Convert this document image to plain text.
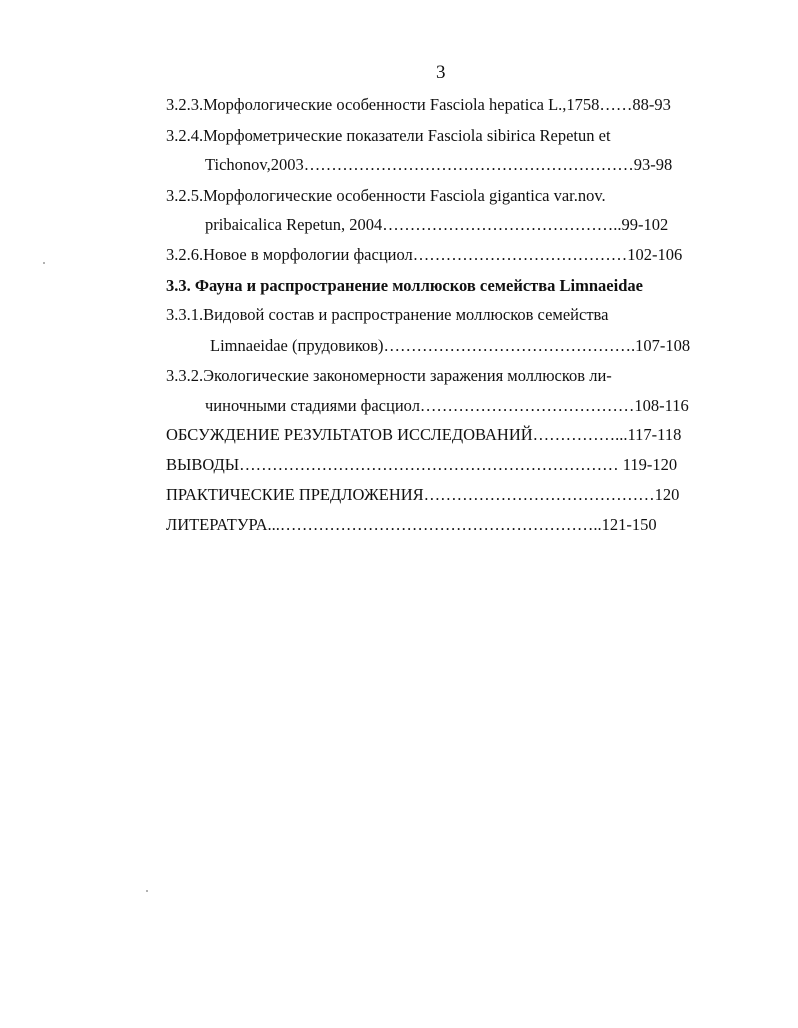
3
3.2.3.Морфологические особенности Fasciola hepatica L.,1758……88-93
3.2.4.Морфометрические показатели Fasciola sibirica Repetun et
Tichonov,2003……………………………………………………93-98
3.2.5.Морфологические особенности Fasciola gigantica var.nov.
pribaicalica Repetun, 2004……………………………………..99-102
3.2.6.Новое в морфологии фасциол…………………………………102-106
3.3. Фауна и распространение моллюсков семейства Limnaeidae
3.3.1.Видовой состав и распространение моллюсков семейства
Limnaeidae (прудовиков)……………………………………….107-108
3.3.2.Экологические закономерности заражения моллюсков ли-
чиночными стадиями фасциол…………………………………108-116
ОБСУЖДЕНИЕ РЕЗУЛЬТАТОВ ИССЛЕДОВАНИЙ……………...117-118
ВЫВОДЫ…………………………………………………………… 119-120
ПРАКТИЧЕСКИЕ ПРЕДЛОЖЕНИЯ……………………………………120
ЛИТЕРАТУРА...…………………………………………………..121-150
